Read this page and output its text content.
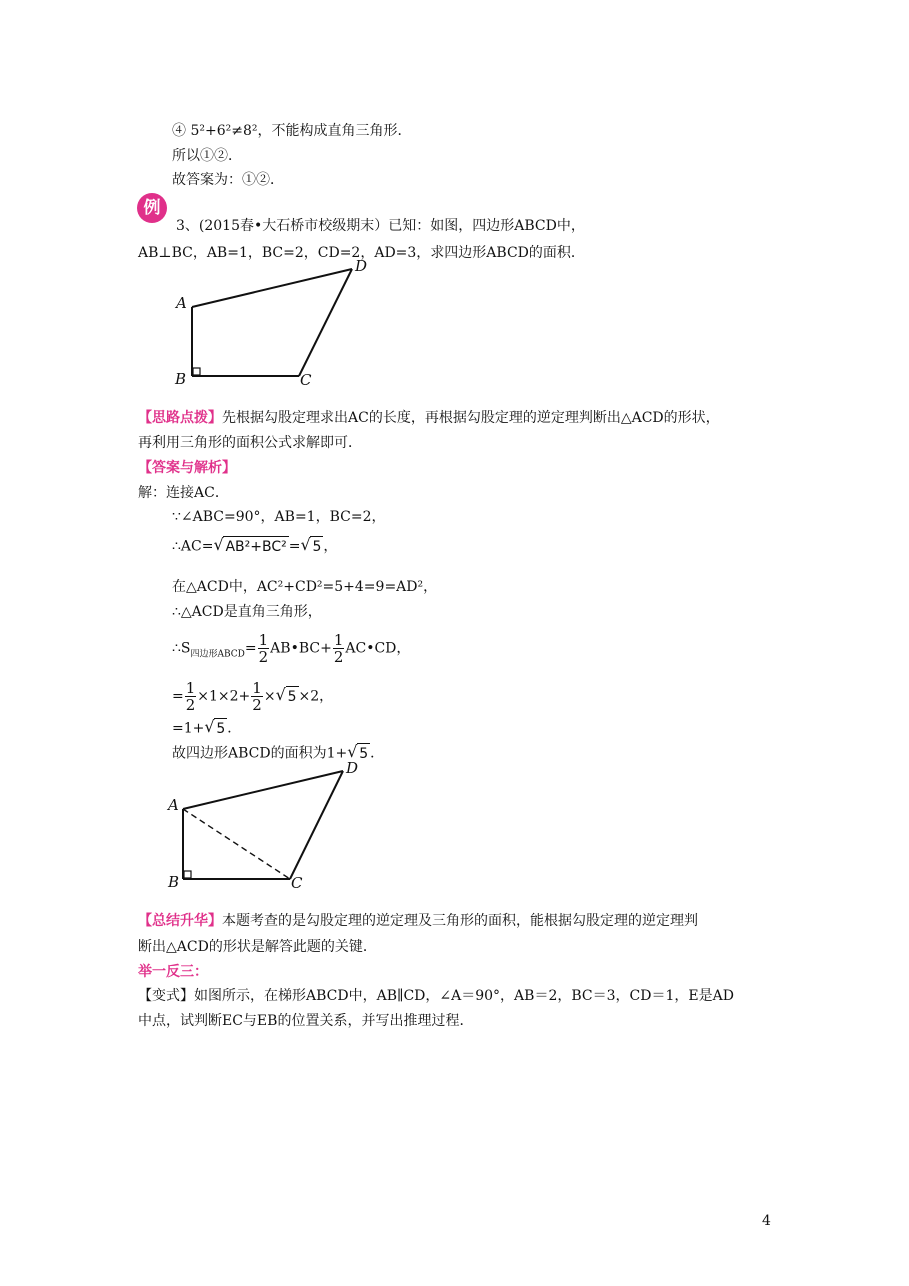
④ 5²+6²≠8²，不能构成直角三角形．
所以①②．
故答案为：①②．
例
3、(2015春•大石桥市校级期末）已知：如图，四边形ABCD中，
AB⊥BC，AB=1，BC=2，CD=2，AD=3，求四边形ABCD的面积．
A
B	C
D
【思路点拨】先根据勾股定理求出AC的长度，再根据勾股定理的逆定理判断出△ACD的形状，
再利用三角形的面积公式求解即可．
【答案与解析】
解：连接AC．
∵∠ABC=90°，AB=1，BC=2，
∴AC= √ AB²+BC² = √ 5 ，
在△ACD中，AC²+CD²=5+4=9=AD²，
∴△ACD是直角三角形，
$\therefore S_{四边形ABCD}= \frac{1}{2}$ AB•BC+ $\frac{1}{2}$ AC•CD，
= $\frac{1}{2} \times 1\times 2+ \frac{1}{2}$ × √ 5 ×2，
=1+ √ 5 ．
故四边形ABCD的面积为1+ √ 5 ．
A
B	C
D
【总结升华】本题考查的是勾股定理的逆定理及三角形的面积，能根据勾股定理的逆定理判
断出△ACD的形状是解答此题的关键．
举一反三：
【变式】如图所示，在梯形ABCD中，AB∥CD，∠A＝90°，AB＝2，BC＝3，CD＝1，E是AD
中点，试判断EC与EB的位置关系，并写出推理过程．
4
